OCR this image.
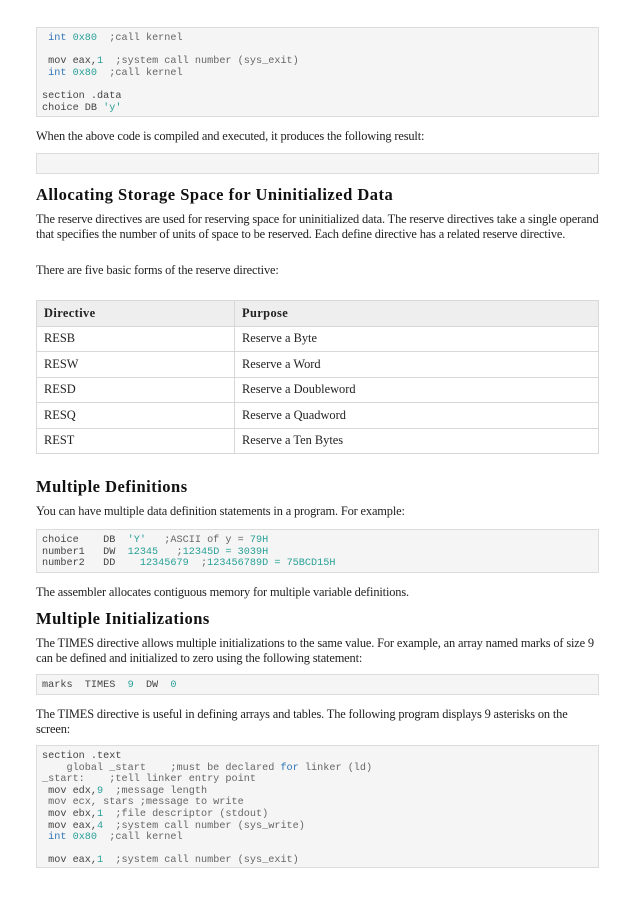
int 0x80  ;call kernel
mov eax,1  ;system call number (sys_exit)
int 0x80  ;call kernel
section .data
choice DB 'y'

When the above code is compiled and executed, it produces the following result:

Allocating Storage Space for Uninitialized Data

The reserve directives are used for reserving space for uninitialized data. The reserve directives take a single operand that specifies the number of units of space to be reserved. Each define directive has a related reserve directive.

There are five basic forms of the reserve directive:

Directive	Purpose
RESB	Reserve a Byte
RESW	Reserve a Word
RESD	Reserve a Doubleword
RESQ	Reserve a Quadword
REST	Reserve a Ten Bytes
Multiple Definitions

You can have multiple data definition statements in a program. For example:

choice    DB  'Y'   ;ASCII of y = 79H
number1   DW  12345   ;12345D = 3039H
number2   DD    12345679  ;123456789D = 75BCD15H

The assembler allocates contiguous memory for multiple variable definitions.

Multiple Initializations

The TIMES directive allows multiple initializations to the same value. For example, an array named marks of size 9 can be defined and initialized to zero using the following statement:

marks  TIMES  9  DW  0

The TIMES directive is useful in defining arrays and tables. The following program displays 9 asterisks on the screen:

section .text
global _start    ;must be declared for linker (ld)
_start:    ;tell linker entry point
mov edx,9  ;message length
mov ecx, stars ;message to write
mov ebx,1  ;file descriptor (stdout)
mov eax,4  ;system call number (sys_write)
int 0x80  ;call kernel
mov eax,1  ;system call number (sys_exit)
